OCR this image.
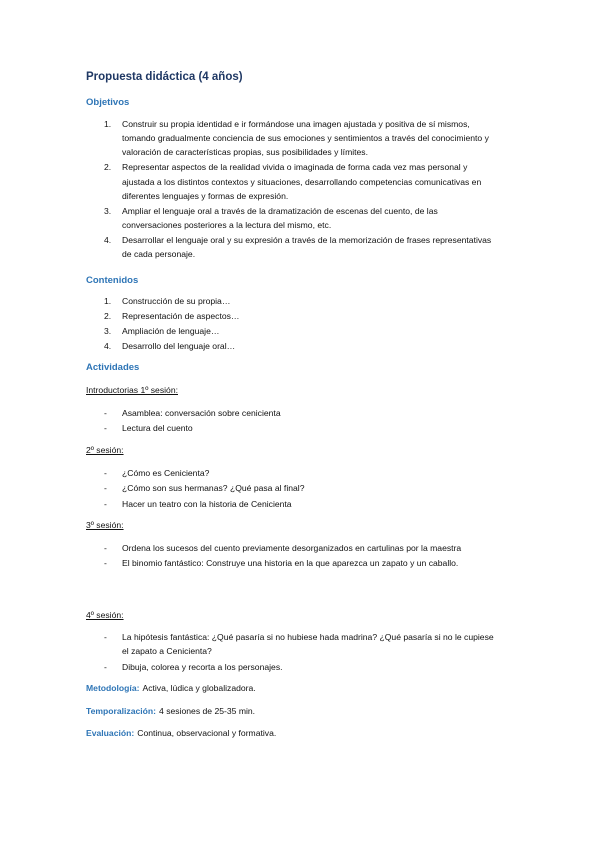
Propuesta didáctica (4 años)
Objetivos
1. Construir su propia identidad e ir formándose una imagen ajustada y positiva de sí mismos, tomando gradualmente conciencia de sus emociones y sentimientos a través del conocimiento y valoración de características propias, sus posibilidades y límites.
2. Representar aspectos de la realidad vivida o imaginada de forma cada vez mas personal y ajustada a los distintos contextos y situaciones, desarrollando competencias comunicativas en diferentes lenguajes y formas de expresión.
3. Ampliar el lenguaje oral a través de la dramatización de escenas del cuento, de las conversaciones posteriores a la lectura del mismo, etc.
4. Desarrollar el lenguaje oral y su expresión a través de la memorización de frases representativas de cada personaje.
Contenidos
1. Construcción de su propia…
2. Representación de aspectos…
3. Ampliación de lenguaje…
4. Desarrollo del lenguaje oral…
Actividades
Introductorias 1º sesión:
- Asamblea: conversación sobre cenicienta
- Lectura del cuento
2º sesión:
- ¿Cómo es Cenicienta?
- ¿Cómo son sus hermanas? ¿Qué pasa al final?
- Hacer un teatro con la historia de Cenicienta
3º sesión:
- Ordena los sucesos del cuento previamente desorganizados en cartulinas por la maestra
- El binomio fantástico: Construye una historia en la que aparezca un zapato y un caballo.
4º sesión:
- La hipótesis fantástica: ¿Qué pasaría si no hubiese hada madrina? ¿Qué pasaría si no le cupiese el zapato a Cenicienta?
- Dibuja, colorea y recorta a los personajes.
Metodología: Activa, lúdica y globalizadora.
Temporalización: 4 sesiones de 25-35 min.
Evaluación: Continua, observacional y formativa.
